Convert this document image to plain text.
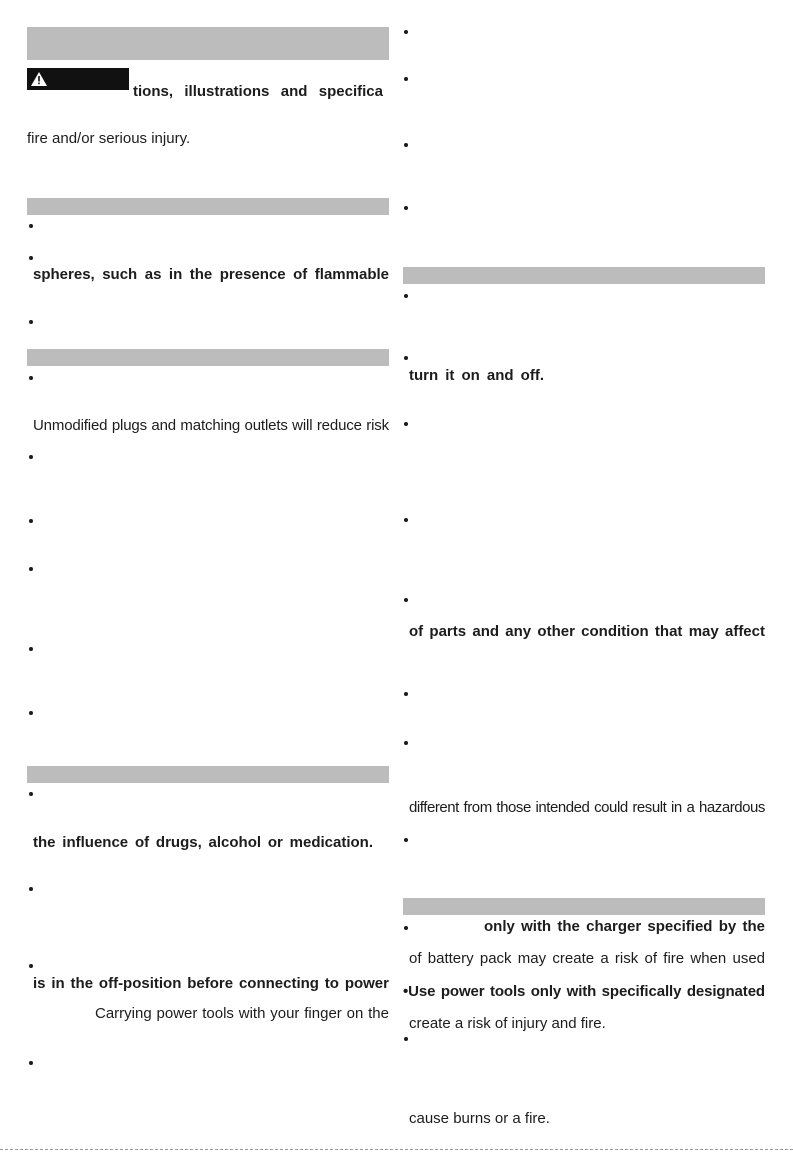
tions, illustrations and specifica
fire and/or serious injury.
spheres, such as in the presence of flammable
Unmodified plugs and matching outlets will reduce risk
the influence of drugs, alcohol or medication.
is in the off-position before connecting to power
Carrying power tools with your finger on the
turn it on and off.
of parts and any other condition that may affect
different from those intended could result in a hazardous
only with the charger specified by the
of battery pack may create a risk of fire when used
•Use power tools only with specifically designated
create a risk of injury and fire.
cause burns or a fire.
